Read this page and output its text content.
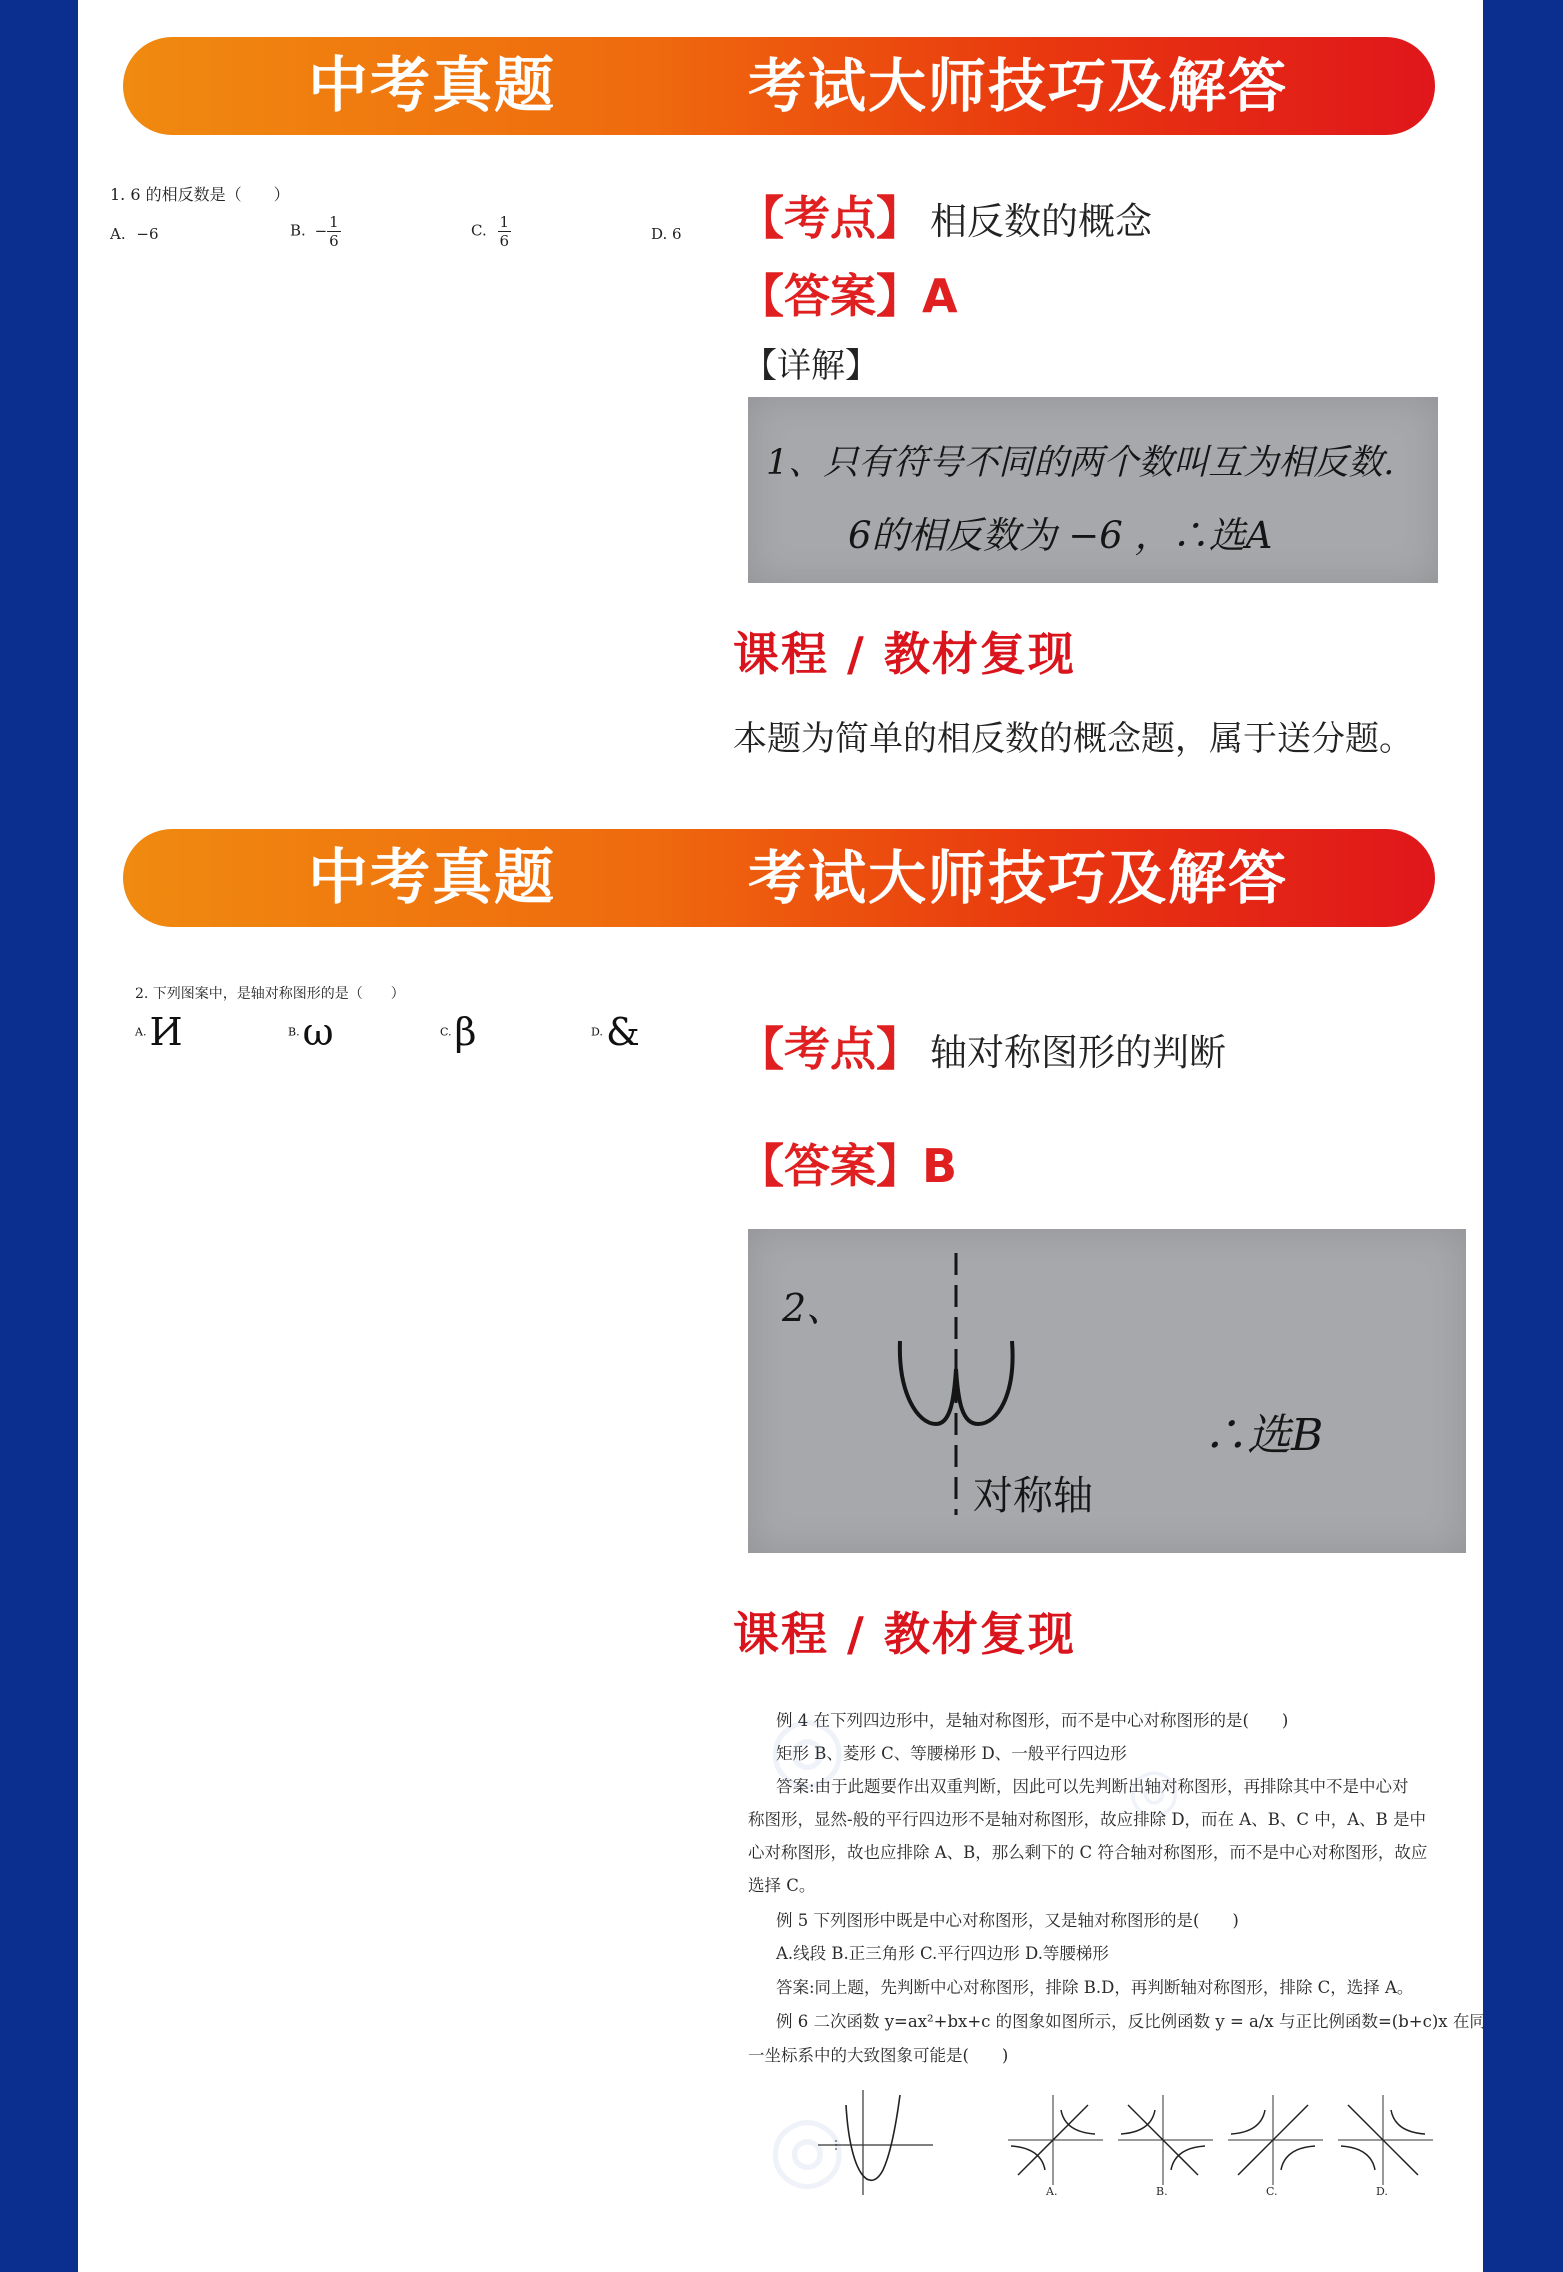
中考真题	考试大师技巧及解答
1. 6 的相反数是（　　）
A. −6	B. − $\frac{1}{6}$	C. $\frac{1}{6}$	D. 6 【考点】 相反数的概念
【答案】A
【详解】
1、只有符号不同的两个数叫互为相反数.
6的相反数为 −6 ，∴选A
课程 / 教材复现
本题为简单的相反数的概念题，属于送分题。
中考真题	考试大师技巧及解答
2. 下列图案中，是轴对称图形的是（　　）
A.И	B.ω	C.β	D.& 【考点】 轴对称图形的判断
【答案】B
2、
对称轴
∴选B
课程 / 教材复现
◎	◎
◎
例 4 在下列四边形中，是轴对称图形，而不是中心对称图形的是(　　)
矩形 B、菱形 C、等腰梯形 D、一般平行四边形
答案:由于此题要作出双重判断，因此可以先判断出轴对称图形，再排除其中不是中心对
称图形，显然-般的平行四边形不是轴对称图形，故应排除 D，而在 A、B、C 中，A、B 是中
心对称图形，故也应排除 A、B，那么剩下的 C 符合轴对称图形，而不是中心对称图形，故应
选择 C。
例 5 下列图形中既是中心对称图形，又是轴对称图形的是(　　)
A.线段 B.正三角形 C.平行四边形 D.等腰梯形
答案:同上题，先判断中心对称图形，排除 B.D，再判断轴对称图形，排除 C，选择 A。
例 6 二次函数 y=ax²+bx+c 的图象如图所示，反比例函数 y = a/x 与正比例函数=(b+c)x 在同
一坐标系中的大致图象可能是(　　)
A.	B.	C.	D.
